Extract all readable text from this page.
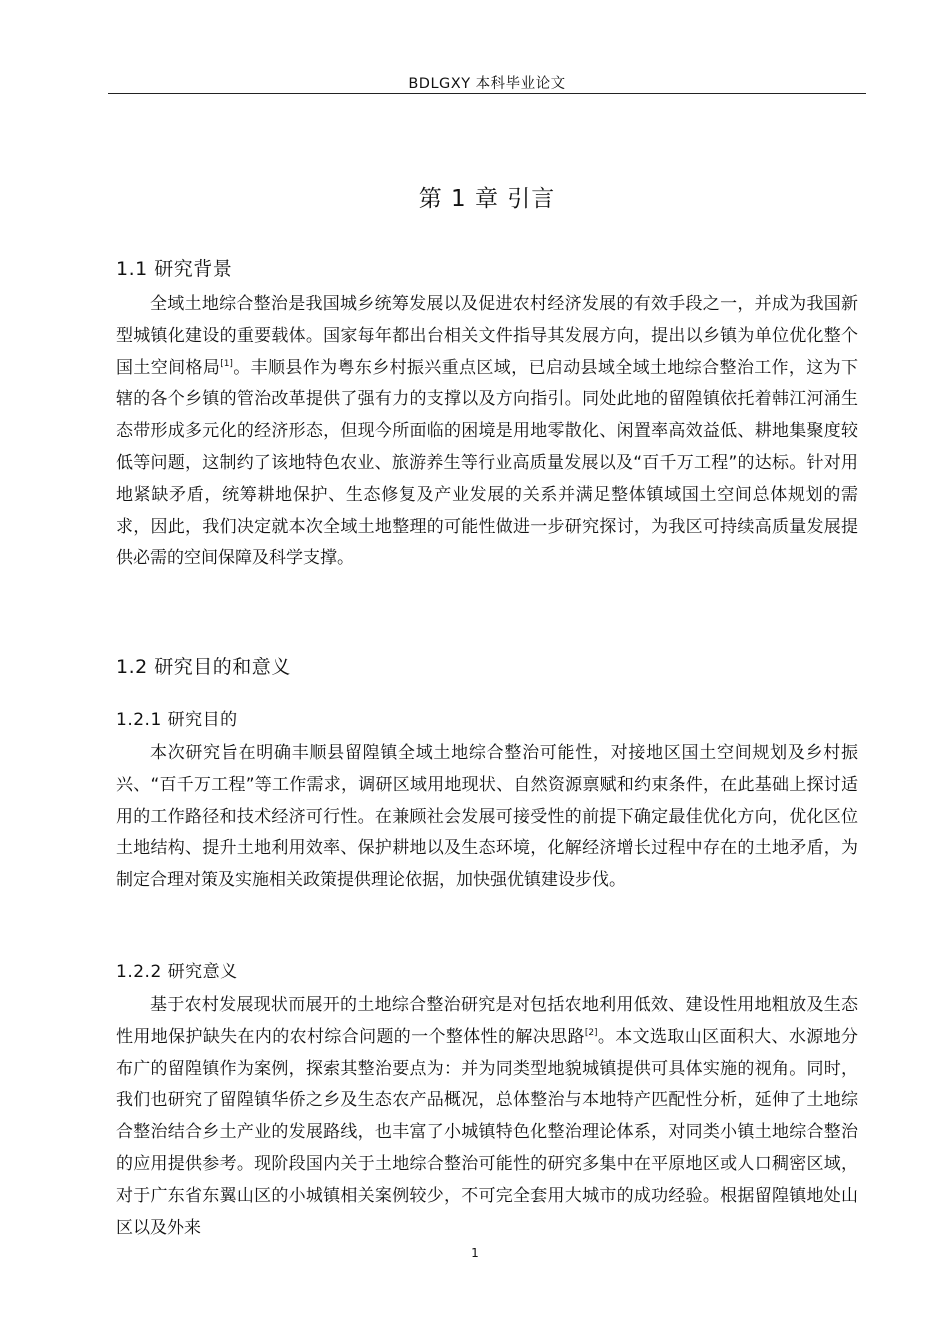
BDLGXY 本科毕业论文
第 1 章 引言
1.1 研究背景

全域土地综合整治是我国城乡统筹发展以及促进农村经济发展的有效手段之一，并成为我国新型城镇化建设的重要载体。国家每年都出台相关文件指导其发展方向，提出以乡镇为单位优化整个国土空间格局[1]。丰顺县作为粤东乡村振兴重点区域，已启动县域全域土地综合整治工作，这为下辖的各个乡镇的管治改革提供了强有力的支撑以及方向指引。同处此地的留隍镇依托着韩江河涌生态带形成多元化的经济形态，但现今所面临的困境是用地零散化、闲置率高效益低、耕地集聚度较低等问题，这制约了该地特色农业、旅游养生等行业高质量发展以及“百千万工程”的达标。针对用地紧缺矛盾，统筹耕地保护、生态修复及产业发展的关系并满足整体镇域国土空间总体规划的需求，因此，我们决定就本次全域土地整理的可能性做进一步研究探讨，为我区可持续高质量发展提供必需的空间保障及科学支撑。

1.2 研究目的和意义
1.2.1 研究目的

本次研究旨在明确丰顺县留隍镇全域土地综合整治可能性，对接地区国土空间规划及乡村振兴、“百千万工程”等工作需求，调研区域用地现状、自然资源禀赋和约束条件，在此基础上探讨适用的工作路径和技术经济可行性。在兼顾社会发展可接受性的前提下确定最佳优化方向，优化区位土地结构、提升土地利用效率、保护耕地以及生态环境，化解经济增长过程中存在的土地矛盾，为制定合理对策及实施相关政策提供理论依据，加快强优镇建设步伐。

1.2.2 研究意义

基于农村发展现状而展开的土地综合整治研究是对包括农地利用低效、建设性用地粗放及生态性用地保护缺失在内的农村综合问题的一个整体性的解决思路[2]。本文选取山区面积大、水源地分布广的留隍镇作为案例，探索其整治要点为：并为同类型地貌城镇提供可具体实施的视角。同时，我们也研究了留隍镇华侨之乡及生态农产品概况，总体整治与本地特产匹配性分析，延伸了土地综合整治结合乡土产业的发展路线，也丰富了小城镇特色化整治理论体系，对同类小镇土地综合整治的应用提供参考。现阶段国内关于土地综合整治可能性的研究多集中在平原地区或人口稠密区域，对于广东省东翼山区的小城镇相关案例较少，不可完全套用大城市的成功经验。根据留隍镇地处山区以及外来

1
